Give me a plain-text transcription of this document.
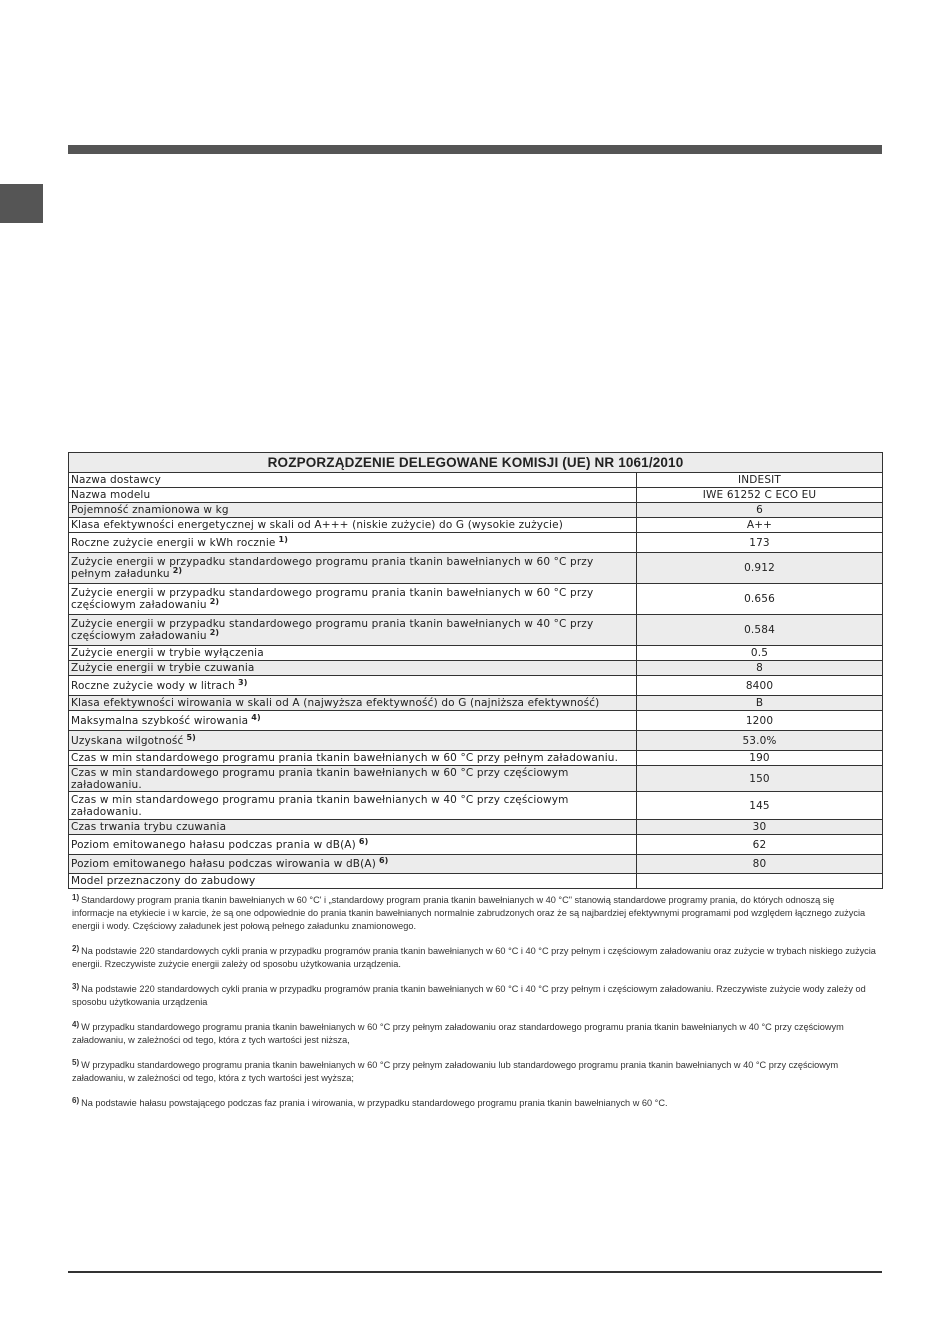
ROZPORZĄDZENIE DELEGOWANE KOMISJI (UE) NR 1061/2010	
Nazwa dostawcy	INDESIT
Nazwa modelu	IWE 61252 C ECO EU
Pojemność znamionowa w kg	6
Klasa efektywności energetycznej w skali od A+++ (niskie zużycie) do G (wysokie zużycie)	A++
Roczne zużycie energii w kWh rocznie $^{1)}$	173
Zużycie energii w przypadku standardowego programu prania tkanin bawełnianych w 60 °C przy pełnym załadunku $^{2)}$	0.912
Zużycie energii w przypadku standardowego programu prania tkanin bawełnianych w 60 °C przy częściowym załadowaniu $^{2)}$	0.656
Zużycie energii w przypadku standardowego programu prania tkanin bawełnianych w 40 °C przy częściowym załadowaniu $^{2)}$	0.584
Zużycie energii w trybie wyłączenia	0.5
Zużycie energii w trybie czuwania	8
Roczne zużycie wody w litrach $^{3)}$	8400
Klasa efektywności wirowania w skali od A (najwyższa efektywność) do G (najniższa efektywność)	B
Maksymalna szybkość wirowania $^{4)}$	1200
Uzyskana wilgotność $^{5)}$	53.0%
Czas w min standardowego programu prania tkanin bawełnianych w 60 °C przy pełnym załadowaniu.	190
Czas w min standardowego programu prania tkanin bawełnianych w 60 °C przy częściowym załadowaniu.	150
Czas w min standardowego programu prania tkanin bawełnianych w 40 °C przy częściowym załadowaniu.	145
Czas trwania trybu czuwania	30
Poziom emitowanego hałasu podczas prania w dB(A) $^{6)}$	62
Poziom emitowanego hałasu podczas wirowania w dB(A) $^{6)}$	80
Model przeznaczony do zabudowy	
$^{1)}$ Standardowy program prania tkanin bawełnianych w 60 °C' i „standardowy program prania tkanin bawełnianych w 40 °C" stanowią standardowe programy prania, do których odnoszą się informacje na etykiecie i w karcie, że są one odpowiednie do prania tkanin bawełnianych normalnie zabrudzonych oraz że są najbardziej efektywnymi programami pod względem łącznego zużycia energii i wody. Częściowy załadunek jest połową pełnego załadunku znamionowego.
$^{2)}$ Na podstawie 220 standardowych cykli prania w przypadku programów prania tkanin bawełnianych w 60 °C i 40 °C przy pełnym i częściowym załadowaniu oraz zużycie w trybach niskiego zużycia energii. Rzeczywiste zużycie energii zależy od sposobu użytkowania urządzenia.
$^{3)}$ Na podstawie 220 standardowych cykli prania w przypadku programów prania tkanin bawełnianych w 60 °C i 40 °C przy pełnym i częściowym załadowaniu. Rzeczywiste zużycie wody zależy od sposobu użytkowania urządzenia
$^{4)}$ W przypadku standardowego programu prania tkanin bawełnianych w 60 °C przy pełnym załadowaniu oraz standardowego programu prania tkanin bawełnianych w 40 °C przy częściowym załadowaniu, w zależności od tego, która z tych wartości jest niższa,
$^{5)}$ W przypadku standardowego programu prania tkanin bawełnianych w 60 °C przy pełnym załadowaniu lub standardowego programu prania tkanin bawełnianych w 40 °C przy częściowym załadowaniu, w zależności od tego, która z tych wartości jest wyższa;
$^{6)}$ Na podstawie hałasu powstającego podczas faz prania i wirowania, w przypadku standardowego programu prania tkanin bawełnianych w 60 °C.
